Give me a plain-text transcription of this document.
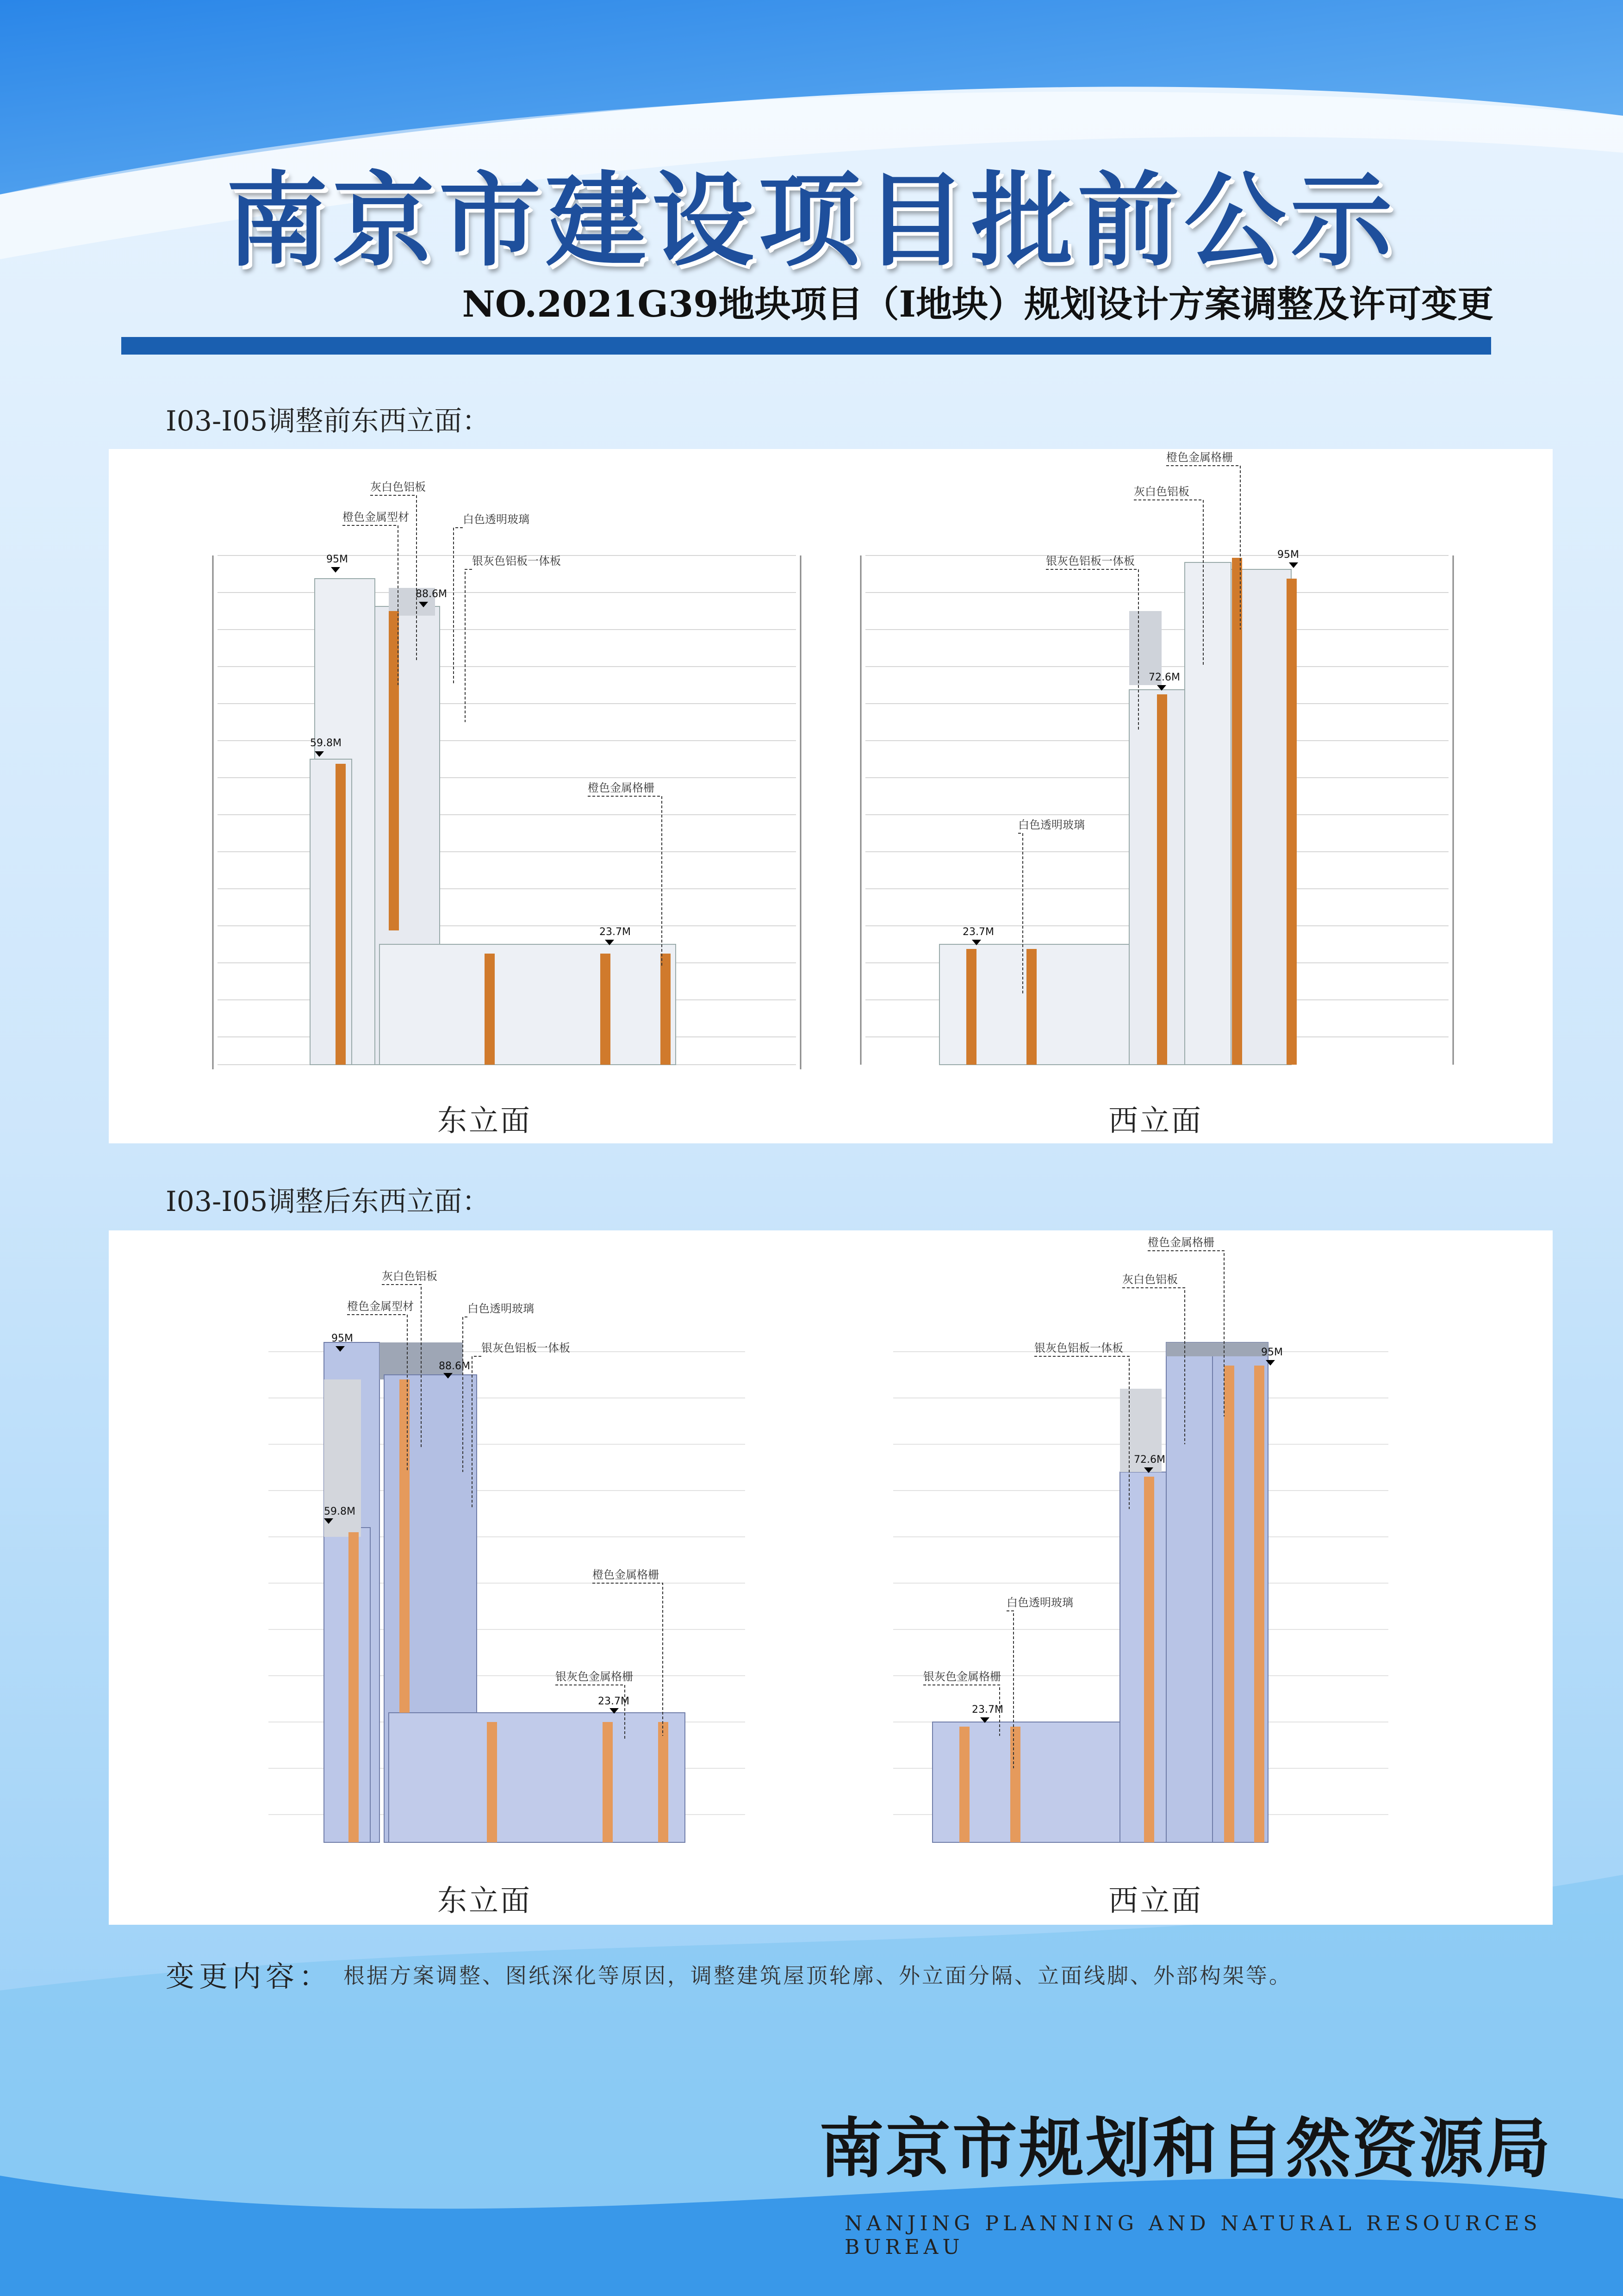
南京市建设项目批前公示
NO.2021G39地块项目（I地块）规划设计方案调整及许可变更
I03-I05调整前东西立面：
95M
88.6M
59.8M
23.7M
灰白色铝板
橙色金属型材	白色透明玻璃
银灰色铝板一体板
橙色金属格栅
东立面
95M
72.6M
23.7M
橙色金属格栅
灰白色铝板
银灰色铝板一体板
白色透明玻璃
西立面
I03-I05调整后东西立面：
95M
88.6M
59.8M
23.7M
灰白色铝板
橙色金属型材	白色透明玻璃
银灰色铝板一体板
橙色金属格栅
银灰色金属格栅
东立面
95M
72.6M
23.7M
橙色金属格栅
灰白色铝板
银灰色铝板一体板
白色透明玻璃
银灰色金属格栅
西立面
变更内容： 根据方案调整、图纸深化等原因，调整建筑屋顶轮廓、外立面分隔、立面线脚、外部构架等。
南京市规划和自然资源局
NANJING PLANNING AND NATURAL RESOURCES BUREAU
